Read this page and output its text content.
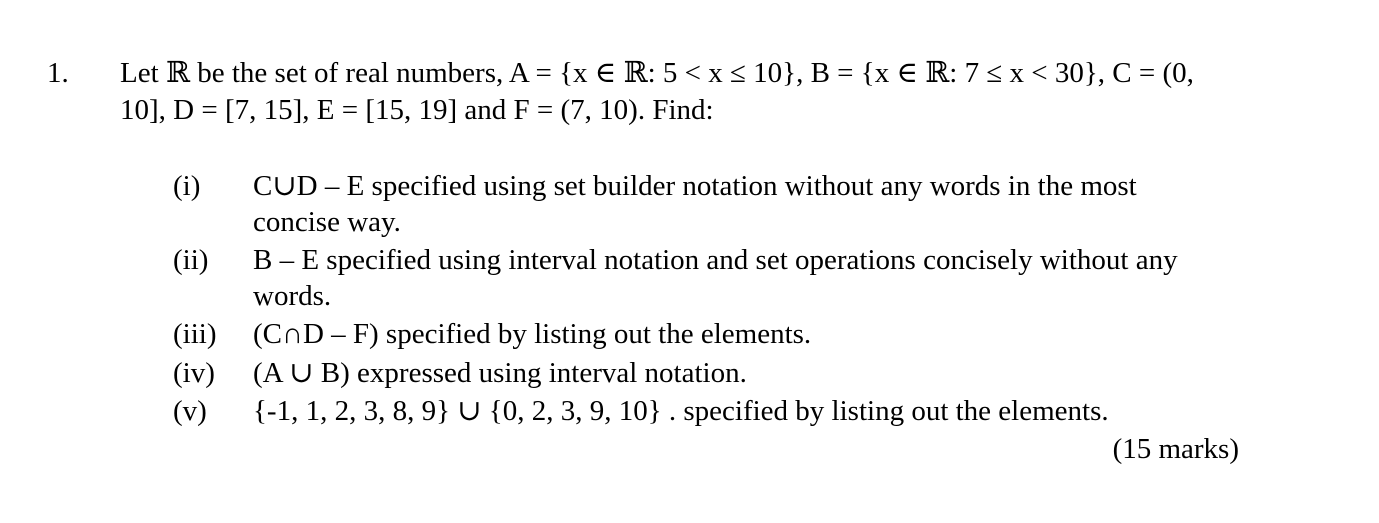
1. Let ℝ be the set of real numbers, A = {x ∈ ℝ: 5 < x ≤ 10}, B = {x ∈ ℝ: 7 ≤ x < 30}, C = (0,
10], D = [7, 15], E = [15, 19] and F = (7, 10). Find:
(i) C∪D – E specified using set builder notation without any words in the most
concise way.
(ii) B – E specified using interval notation and set operations concisely without any
words.
(iii) (C∩D – F) specified by listing out the elements.
(iv) (A ∪ B) expressed using interval notation.
(v) {-1, 1, 2, 3, 8, 9} ∪ {0, 2, 3, 9, 10} . specified by listing out the elements.
(15 marks)
